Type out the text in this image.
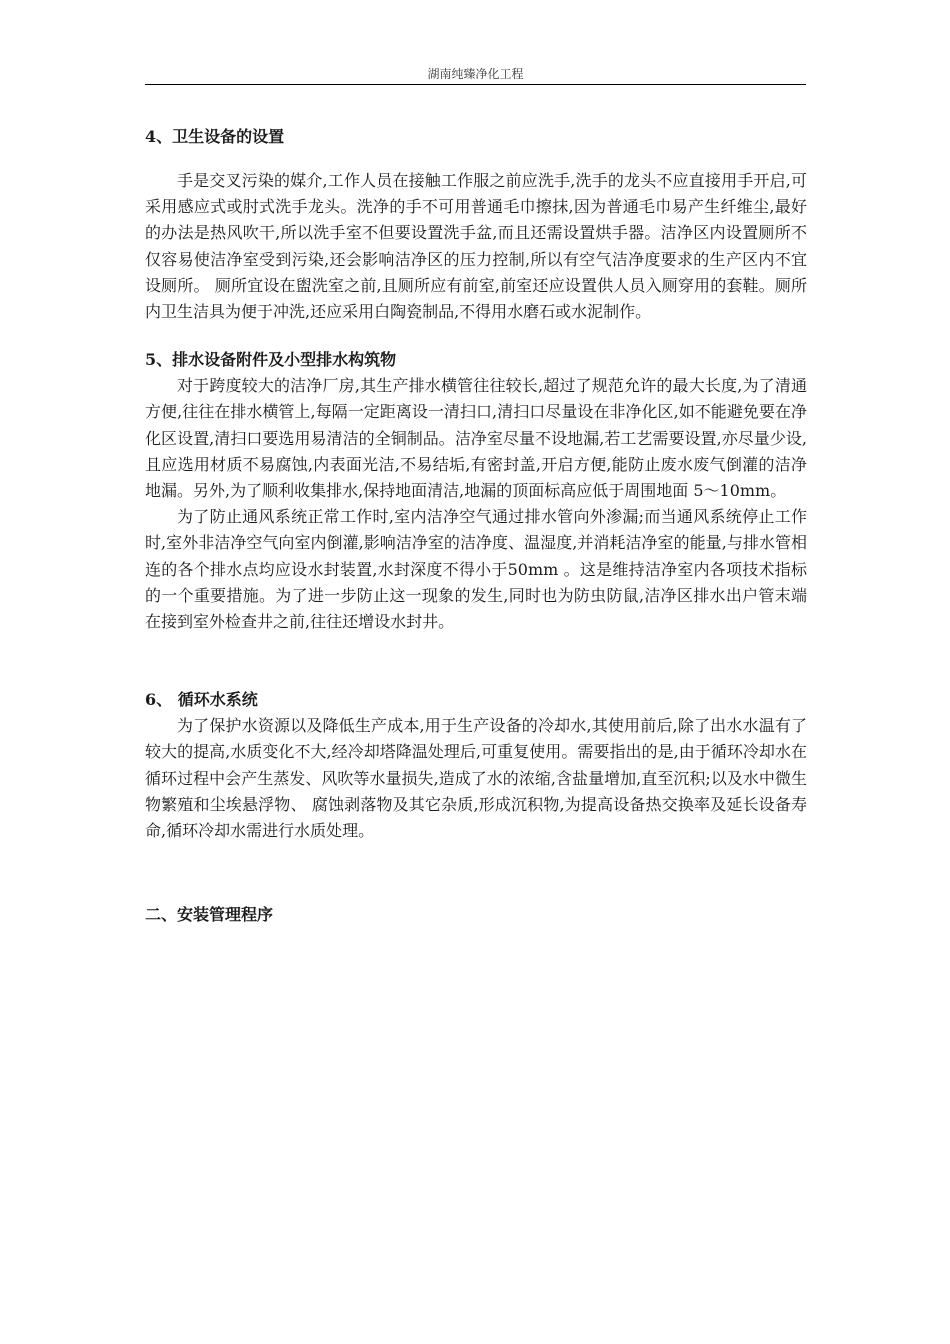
湖南纯臻净化工程
4、卫生设备的设置

手是交叉污染的媒介,工作人员在接触工作服之前应洗手,洗手的龙头不应直接用手开启,可采用感应式或肘式洗手龙头。洗净的手不可用普通毛巾擦抹,因为普通毛巾易产生纤维尘,最好的办法是热风吹干,所以洗手室不但要设置洗手盆,而且还需设置烘手器。洁净区内设置厕所不仅容易使洁净室受到污染,还会影响洁净区的压力控制,所以有空气洁净度要求的生产区内不宜设厕所。 厕所宜设在盥洗室之前,且厕所应有前室,前室还应设置供人员入厕穿用的套鞋。厕所内卫生洁具为便于冲洗,还应采用白陶瓷制品,不得用水磨石或水泥制作。

5、排水设备附件及小型排水构筑物

对于跨度较大的洁净厂房,其生产排水横管往往较长,超过了规范允许的最大长度,为了清通方便,往往在排水横管上,每隔一定距离设一清扫口,清扫口尽量设在非净化区,如不能避免要在净化区设置,清扫口要选用易清洁的全铜制品。洁净室尽量不设地漏,若工艺需要设置,亦尽量少设,且应选用材质不易腐蚀,内表面光洁,不易结垢,有密封盖,开启方便,能防止废水废气倒灌的洁净地漏。另外,为了顺利收集排水,保持地面清洁,地漏的顶面标高应低于周围地面 5～10mm。

为了防止通风系统正常工作时,室内洁净空气通过排水管向外渗漏;而当通风系统停止工作时,室外非洁净空气向室内倒灌,影响洁净室的洁净度、温湿度,并消耗洁净室的能量,与排水管相连的各个排水点均应设水封装置,水封深度不得小于50mm 。这是维持洁净室内各项技术指标的一个重要措施。为了进一步防止这一现象的发生,同时也为防虫防鼠,洁净区排水出户管末端在接到室外检查井之前,往往还增设水封井。

6、 循环水系统

为了保护水资源以及降低生产成本,用于生产设备的冷却水,其使用前后,除了出水水温有了较大的提高,水质变化不大,经冷却塔降温处理后,可重复使用。需要指出的是,由于循环冷却水在循环过程中会产生蒸发、风吹等水量损失,造成了水的浓缩,含盐量增加,直至沉积;以及水中微生物繁殖和尘埃悬浮物、 腐蚀剥落物及其它杂质,形成沉积物,为提高设备热交换率及延长设备寿命,循环冷却水需进行水质处理。

二、安装管理程序
